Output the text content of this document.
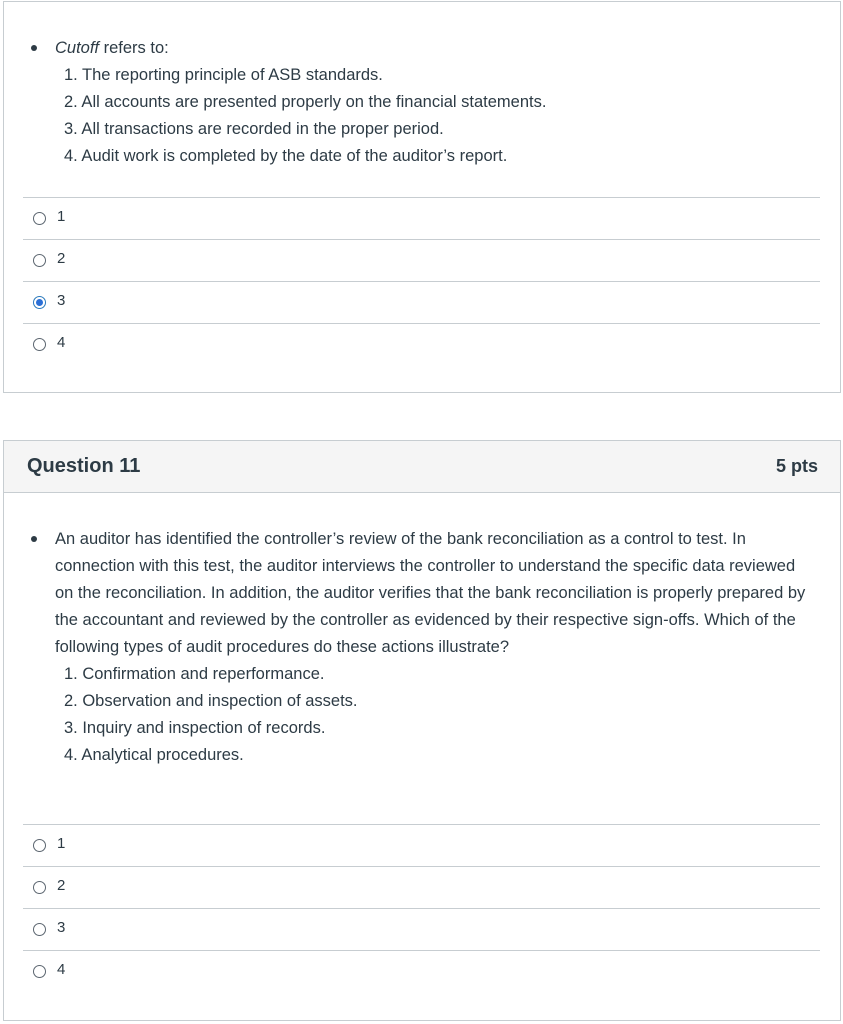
Cutoff refers to:
1. The reporting principle of ASB standards.
2. All accounts are presented properly on the financial statements.
3. All transactions are recorded in the proper period.
4. Audit work is completed by the date of the auditor’s report.
1
2
3
4
Question 11	5 pts
An auditor has identified the controller’s review of the bank reconciliation as a control to test. In connection with this test, the auditor interviews the controller to understand the specific data reviewed on the reconciliation. In addition, the auditor verifies that the bank reconciliation is properly prepared by the accountant and reviewed by the controller as evidenced by their respective sign-offs. Which of the following types of audit procedures do these actions illustrate?
1. Confirmation and reperformance.
2. Observation and inspection of assets.
3. Inquiry and inspection of records.
4. Analytical procedures.
1
2
3
4
